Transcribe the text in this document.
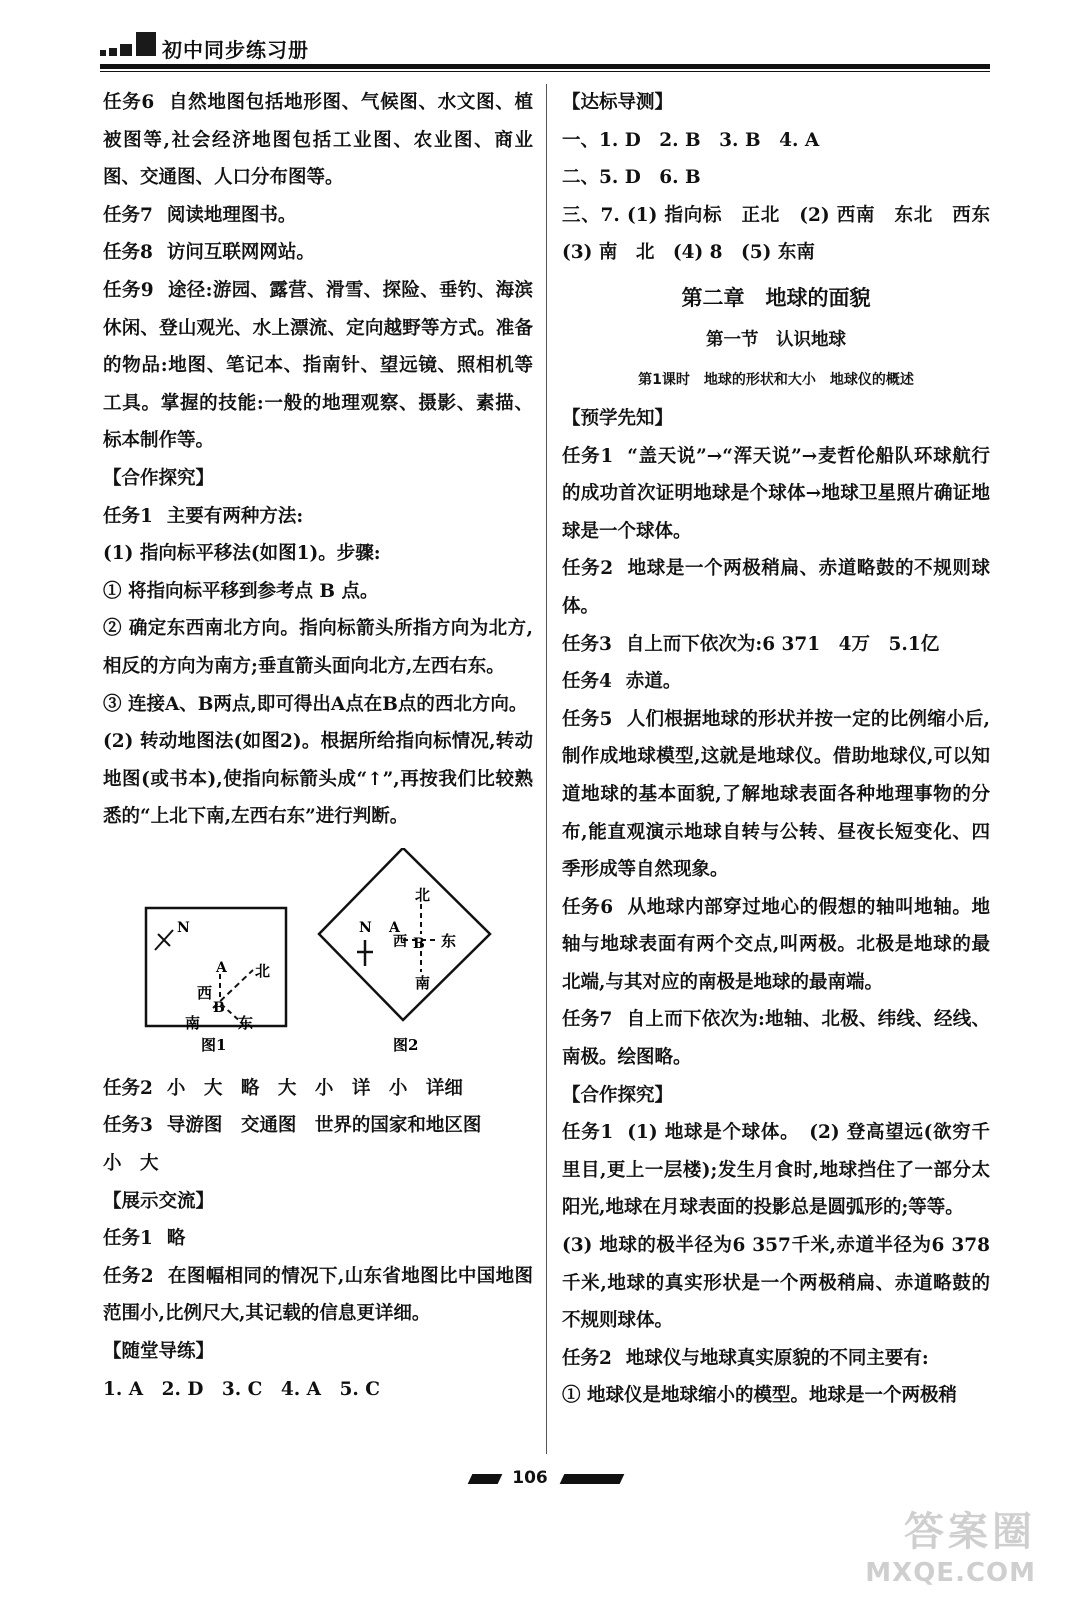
初中同步练习册

任务6 自然地图包括地形图、气候图、水文图、植被图等,社会经济地图包括工业图、农业图、商业图、交通图、人口分布图等。

任务7 阅读地理图书。

任务8 访问互联网网站。

任务9 途径:游园、露营、滑雪、探险、垂钓、海滨休闲、登山观光、水上漂流、定向越野等方式。准备的物品:地图、笔记本、指南针、望远镜、照相机等工具。掌握的技能:一般的地理观察、摄影、素描、标本制作等。

【合作探究】

任务1 主要有两种方法:

(1) 指向标平移法(如图1)。步骤:

① 将指向标平移到参考点 B 点。

② 确定东西南北方向。指向标箭头所指方向为北方,相反的方向为南方;垂直箭头面向北方,左西右东。

③ 连接A、B两点,即可得出A点在B点的西北方向。

(2) 转动地图法(如图2)。根据所给指向标情况,转动地图(或书本),使指向标箭头成“↑”,再按我们比较熟悉的“上北下南,左西右东”进行判断。

N
A
B
北
西
南	东
图1
N
北
A
西 B 东
南
图2

任务2 小　大　略　大　小　详　小　详细

任务3 导游图　交通图　世界的国家和地区图

小　大

【展示交流】

任务1 略

任务2 在图幅相同的情况下,山东省地图比中国地图范围小,比例尺大,其记载的信息更详细。

【随堂导练】

1. A　2. D　3. C　4. A　5. C

【达标导测】

一、1. D　2. B　3. B　4. A

二、5. D　6. B

三、7. (1) 指向标　正北　(2) 西南　东北　西东　(3) 南　北　(4) 8　(5) 东南

第二章　地球的面貌

第一节　认识地球

第1课时　地球的形状和大小　地球仪的概述

【预学先知】

任务1 “盖天说”→“浑天说”→麦哲伦船队环球航行的成功首次证明地球是个球体→地球卫星照片确证地球是一个球体。

任务2 地球是一个两极稍扁、赤道略鼓的不规则球体。

任务3 自上而下依次为:6 371　4万　5.1亿

任务4 赤道。

任务5 人们根据地球的形状并按一定的比例缩小后,制作成地球模型,这就是地球仪。借助地球仪,可以知道地球的基本面貌,了解地球表面各种地理事物的分布,能直观演示地球自转与公转、昼夜长短变化、四季形成等自然现象。

任务6 从地球内部穿过地心的假想的轴叫地轴。地轴与地球表面有两个交点,叫两极。北极是地球的最北端,与其对应的南极是地球的最南端。

任务7 自上而下依次为:地轴、北极、纬线、经线、南极。绘图略。

【合作探究】

任务1 (1) 地球是个球体。　(2) 登高望远(欲穷千里目,更上一层楼);发生月食时,地球挡住了一部分太阳光,地球在月球表面的投影总是圆弧形的;等等。

(3) 地球的极半径为6 357千米,赤道半径为6 378千米,地球的真实形状是一个两极稍扁、赤道略鼓的不规则球体。

任务2 地球仪与地球真实原貌的不同主要有:

① 地球仪是地球缩小的模型。地球是一个两极稍

106
答案圈
MXQE.COM
